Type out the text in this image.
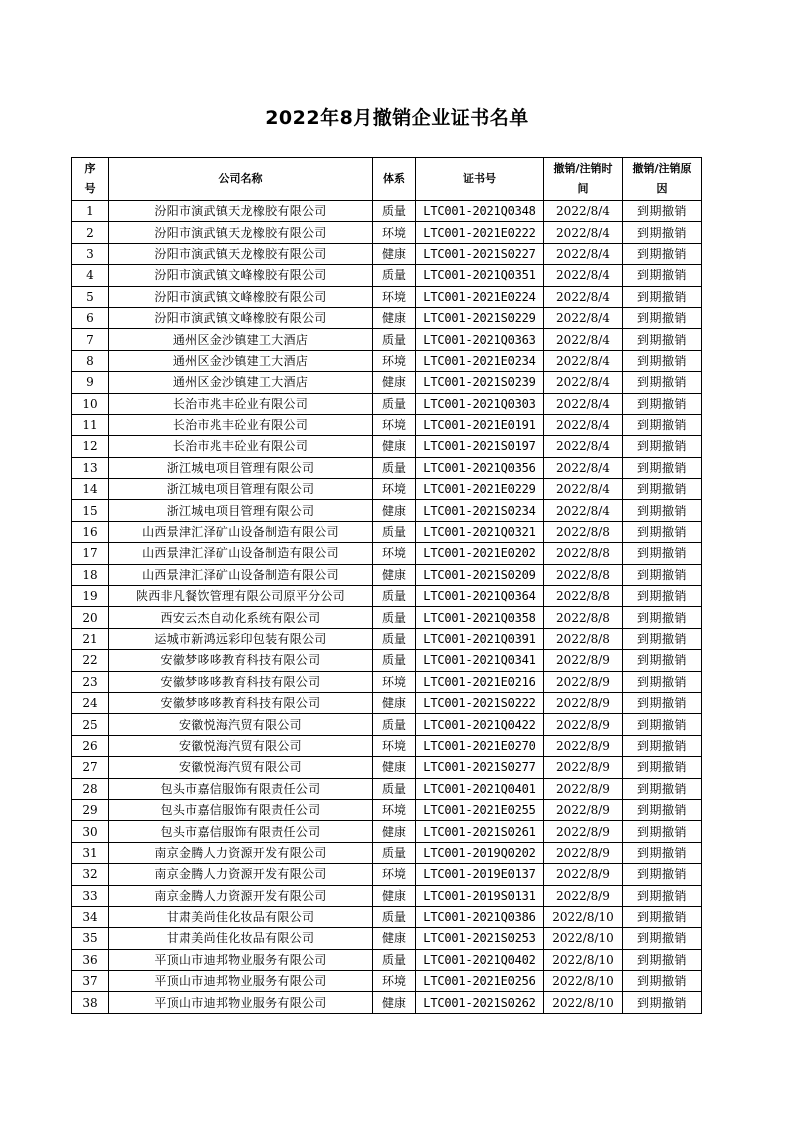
2022年8月撤销企业证书名单
序号	公司名称	体系	证书号	撤销/注销时间	撤销/注销原因
1	汾阳市演武镇天龙橡胶有限公司	质量	LTC001-2021Q0348	2022/8/4	到期撤销
2	汾阳市演武镇天龙橡胶有限公司	环境	LTC001-2021E0222	2022/8/4	到期撤销
3	汾阳市演武镇天龙橡胶有限公司	健康	LTC001-2021S0227	2022/8/4	到期撤销
4	汾阳市演武镇文峰橡胶有限公司	质量	LTC001-2021Q0351	2022/8/4	到期撤销
5	汾阳市演武镇文峰橡胶有限公司	环境	LTC001-2021E0224	2022/8/4	到期撤销
6	汾阳市演武镇文峰橡胶有限公司	健康	LTC001-2021S0229	2022/8/4	到期撤销
7	通州区金沙镇建工大酒店	质量	LTC001-2021Q0363	2022/8/4	到期撤销
8	通州区金沙镇建工大酒店	环境	LTC001-2021E0234	2022/8/4	到期撤销
9	通州区金沙镇建工大酒店	健康	LTC001-2021S0239	2022/8/4	到期撤销
10	长治市兆丰砼业有限公司	质量	LTC001-2021Q0303	2022/8/4	到期撤销
11	长治市兆丰砼业有限公司	环境	LTC001-2021E0191	2022/8/4	到期撤销
12	长治市兆丰砼业有限公司	健康	LTC001-2021S0197	2022/8/4	到期撤销
13	浙江城电项目管理有限公司	质量	LTC001-2021Q0356	2022/8/4	到期撤销
14	浙江城电项目管理有限公司	环境	LTC001-2021E0229	2022/8/4	到期撤销
15	浙江城电项目管理有限公司	健康	LTC001-2021S0234	2022/8/4	到期撤销
16	山西景津汇泽矿山设备制造有限公司	质量	LTC001-2021Q0321	2022/8/8	到期撤销
17	山西景津汇泽矿山设备制造有限公司	环境	LTC001-2021E0202	2022/8/8	到期撤销
18	山西景津汇泽矿山设备制造有限公司	健康	LTC001-2021S0209	2022/8/8	到期撤销
19	陕西非凡餐饮管理有限公司原平分公司	质量	LTC001-2021Q0364	2022/8/8	到期撤销
20	西安云杰自动化系统有限公司	质量	LTC001-2021Q0358	2022/8/8	到期撤销
21	运城市新鸿远彩印包装有限公司	质量	LTC001-2021Q0391	2022/8/8	到期撤销
22	安徽梦哆哆教育科技有限公司	质量	LTC001-2021Q0341	2022/8/9	到期撤销
23	安徽梦哆哆教育科技有限公司	环境	LTC001-2021E0216	2022/8/9	到期撤销
24	安徽梦哆哆教育科技有限公司	健康	LTC001-2021S0222	2022/8/9	到期撤销
25	安徽悦海汽贸有限公司	质量	LTC001-2021Q0422	2022/8/9	到期撤销
26	安徽悦海汽贸有限公司	环境	LTC001-2021E0270	2022/8/9	到期撤销
27	安徽悦海汽贸有限公司	健康	LTC001-2021S0277	2022/8/9	到期撤销
28	包头市嘉信服饰有限责任公司	质量	LTC001-2021Q0401	2022/8/9	到期撤销
29	包头市嘉信服饰有限责任公司	环境	LTC001-2021E0255	2022/8/9	到期撤销
30	包头市嘉信服饰有限责任公司	健康	LTC001-2021S0261	2022/8/9	到期撤销
31	南京金腾人力资源开发有限公司	质量	LTC001-2019Q0202	2022/8/9	到期撤销
32	南京金腾人力资源开发有限公司	环境	LTC001-2019E0137	2022/8/9	到期撤销
33	南京金腾人力资源开发有限公司	健康	LTC001-2019S0131	2022/8/9	到期撤销
34	甘肃美尚佳化妆品有限公司	质量	LTC001-2021Q0386	2022/8/10	到期撤销
35	甘肃美尚佳化妆品有限公司	健康	LTC001-2021S0253	2022/8/10	到期撤销
36	平顶山市迪邦物业服务有限公司	质量	LTC001-2021Q0402	2022/8/10	到期撤销
37	平顶山市迪邦物业服务有限公司	环境	LTC001-2021E0256	2022/8/10	到期撤销
38	平顶山市迪邦物业服务有限公司	健康	LTC001-2021S0262	2022/8/10	到期撤销
